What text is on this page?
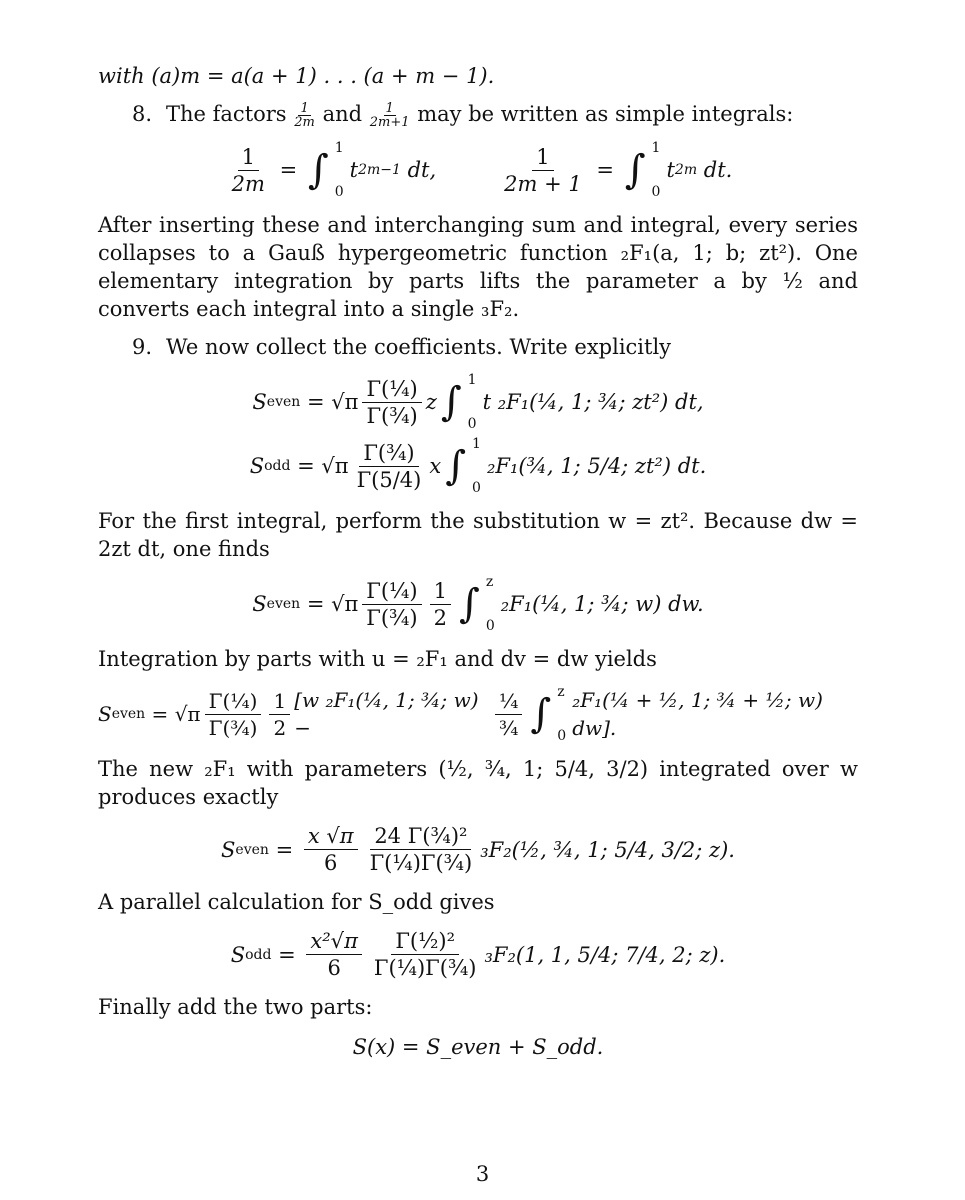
with (a)m = a(a + 1) . . . (a + m − 1).

8. The factors $\frac{1}{2m}$ and $\frac{1}{2m+1}$ may be written as simple integrals:
$\frac{1}{2m}$ = ∫ 1
0
t 2m−1
dt,	$\frac{1}{2m + 1}$ = ∫ 1
0
t 2m
dt.

After inserting these and interchanging sum and integral, every series collapses to a Gauß hypergeometric function ₂F₁(a, 1; b; zt²). One elementary integration by parts lifts the parameter a by ½ and converts each integral into a single ₃F₂.

9. We now collect the coefficients. Write explicitly
S even = $√\pi \frac{\text{Γ(¼)}}{\text{Γ(¾)}}$ z ∫ 1
0
t ₂F₁(¼, 1; ¾; zt²) dt,
S odd = $√\pi \frac{\text{Γ(¾)}}{\Gamma(5/4)}$ x ∫ 1
0
₂F₁(¾, 1; 5/4; zt²) dt.

For the first integral, perform the substitution w = zt². Because dw = 2zt dt, one finds

S even = $√\pi \frac{\text{Γ(¼)}}{\text{Γ(¾)}} \frac{1}{2}$ ∫ z
0
₂F₁(¼, 1; ¾; w) dw.

Integration by parts with u = ₂F₁ and dv = dw yields

S even = $√\pi \frac{\text{Γ(¼)}}{\text{Γ(¾)}} \frac{1}{2} [w$ ₂F₁(¼, 1; ¾; w) −	$\frac{\text{¼}}{\text{¾}}$ ∫ z
0
₂F₁(¼ + ½, 1; ¾ + ½; w) dw].

The new ₂F₁ with parameters (½, ¾, 1; 5/4, 3/2) integrated over w produces exactly

S even = $\frac{x √\pi}{6} \frac{\text{24 Γ(¾)²}}{\text{Γ(¼)Γ(¾)}}$ ₃F₂(½, ¾, 1; 5/4, 3/2; z).

A parallel calculation for S_odd gives

S odd = $\frac{\text{x²√π}}{6} \frac{\text{Γ(½)²}}{\text{Γ(¼)Γ(¾)}} _3F_2(1$, 1, 5/4; 7/4, 2; z).

Finally add the two parts:

S(x) = S_even + S_odd.
3
